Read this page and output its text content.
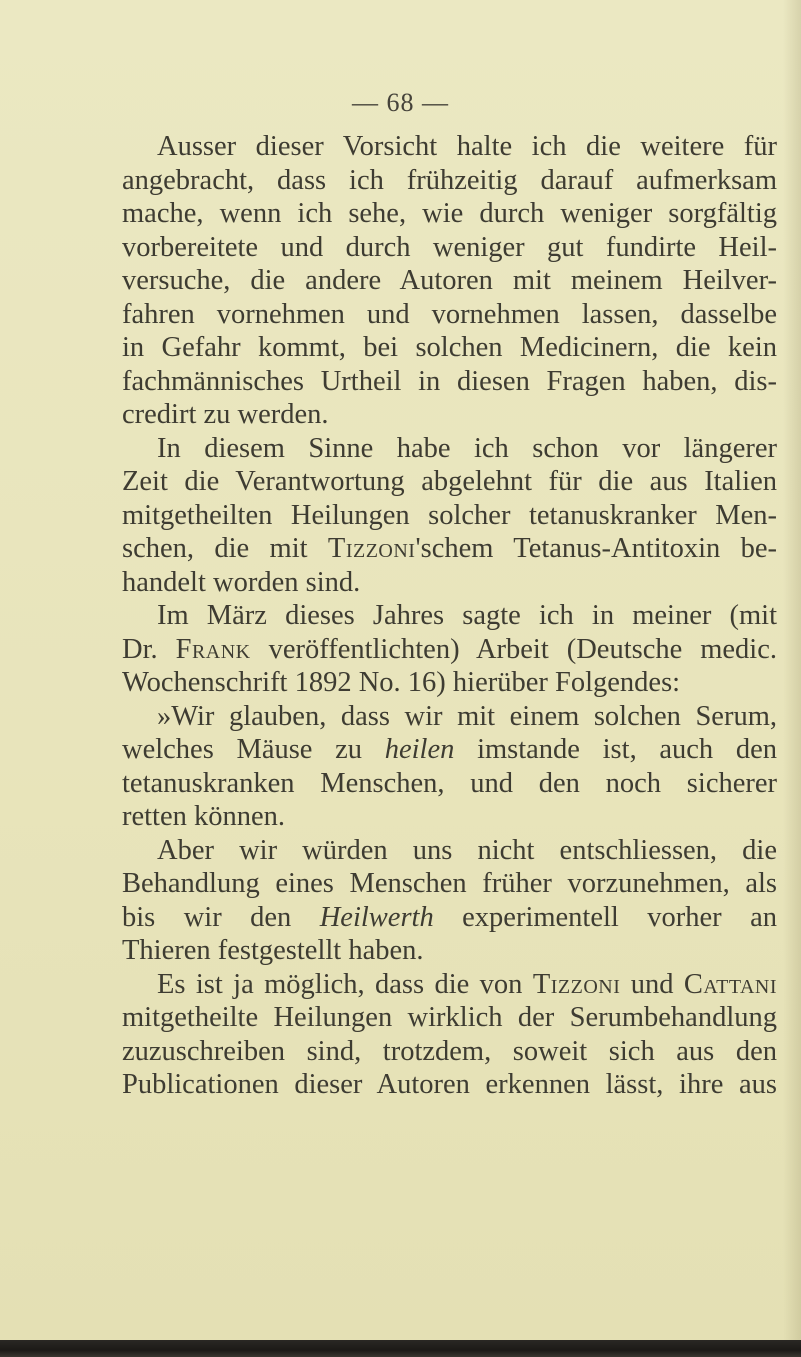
— 68 —
Ausser dieser Vorsicht halte ich die weitere für
angebracht, dass ich frühzeitig darauf aufmerksam
mache, wenn ich sehe, wie durch weniger sorgfältig
vorbereitete und durch weniger gut fundirte Heil-
versuche, die andere Autoren mit meinem Heilver-
fahren vornehmen und vornehmen lassen, dasselbe
in Gefahr kommt, bei solchen Medicinern, die kein
fachmännisches Urtheil in diesen Fragen haben, dis-
credirt zu werden.
In diesem Sinne habe ich schon vor längerer
Zeit die Verantwortung abgelehnt für die aus Italien
mitgetheilten Heilungen solcher tetanuskranker Men-
schen, die mit Tizzoni'schem Tetanus-Antitoxin be-
handelt worden sind.
Im März dieses Jahres sagte ich in meiner (mit
Dr. Frank veröffentlichten) Arbeit (Deutsche medic.
Wochenschrift 1892 No. 16) hierüber Folgendes:
»Wir glauben, dass wir mit einem solchen Serum,
welches Mäuse zu heilen imstande ist, auch den
tetanuskranken Menschen, und den noch sicherer
retten können.
Aber wir würden uns nicht entschliessen, die
Behandlung eines Menschen früher vorzunehmen, als
bis wir den Heilwerth experimentell vorher an
Thieren festgestellt haben.
Es ist ja möglich, dass die von Tizzoni und Cattani
mitgetheilte Heilungen wirklich der Serumbehandlung
zuzuschreiben sind, trotzdem, soweit sich aus den
Publicationen dieser Autoren erkennen lässt, ihre aus
